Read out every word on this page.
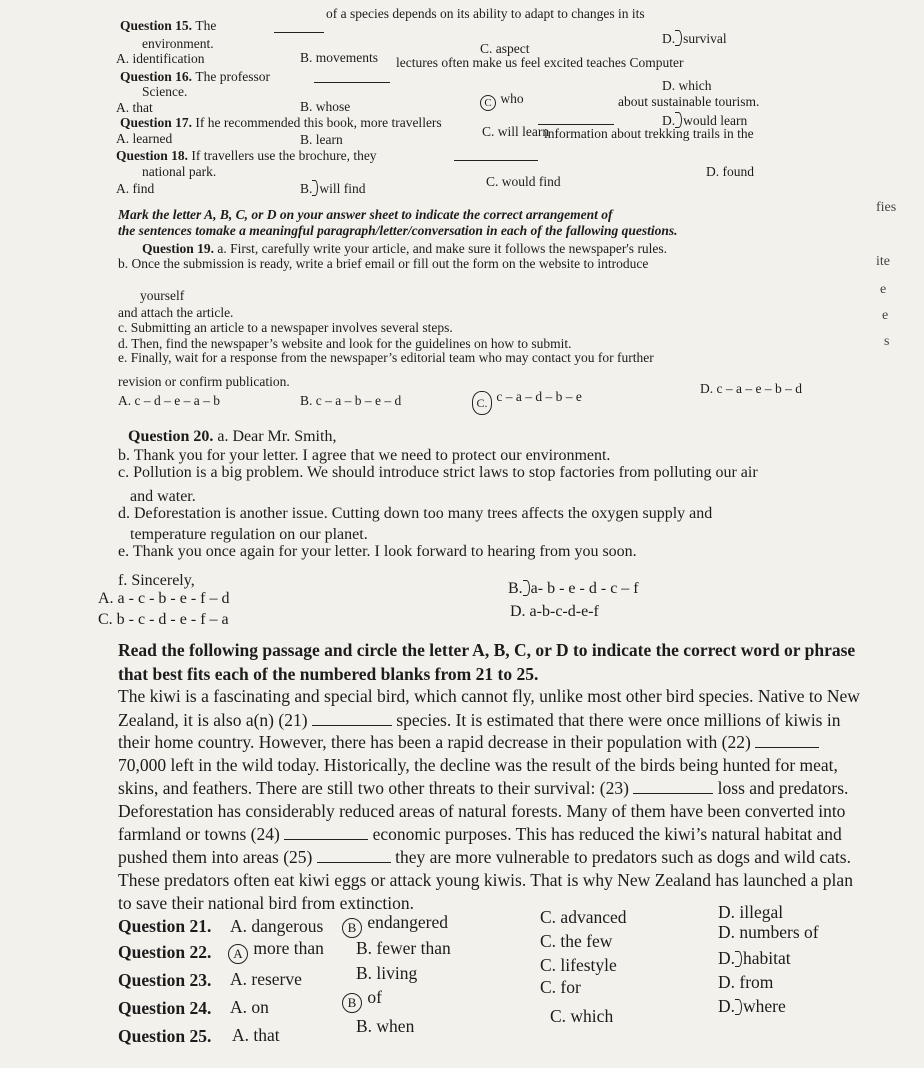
Question 15. The
of a species depends on its ability to adapt to changes in its
environment.
A. identification	B. movements
C. aspect
D. survival
Question 16. The professor
lectures often make us feel excited teaches Computer
Science.
A. that	B. whose	C who
D. which
Question 17. If he recommended this book, more travellers
about sustainable tourism.
A. learned	B. learn
C. will learn
D. would learn
Question 18. If travellers use the brochure, they
information about trekking trails in the
national park.
A. find	B. will find	C. would find
D. found
Mark the letter A, B, C, or D on your answer sheet to indicate the correct arrangement of
the sentences tomake a meaningful paragraph/letter/conversation in each of the fallowing questions.
Question 19. a. First, carefully write your article, and make sure it follows the newspaper's rules.
b. Once the submission is ready, write a brief email or fill out the form on the website to introduce
yourself
and attach the article.
c. Submitting an article to a newspaper involves several steps.
d. Then, find the newspaper’s website and look for the guidelines on how to submit.
e. Finally, wait for a response from the newspaper’s editorial team who may contact you for further
revision or confirm publication.
A. c – d – e – a – b	B. c – a – b – e – d	C. c – a – d – b – e
D. c – a – e – b – d
Question 20. a. Dear Mr. Smith,
b. Thank you for your letter. I agree that we need to protect our environment.
c. Pollution is a big problem. We should introduce strict laws to stop factories from polluting our air
and water.
d. Deforestation is another issue. Cutting down too many trees affects the oxygen supply and
temperature regulation on our planet.
e. Thank you once again for your letter. I look forward to hearing from you soon.
f. Sincerely,
A. a - c - b - e - f – d
B. a- b - e - d - c – f
C. b - c - d - e - f – a	D. a-b-c-d-e-f
Read the following passage and circle the letter A, B, C, or D to indicate the correct word or phrase
that best fits each of the numbered blanks from 21 to 25.
The kiwi is a fascinating and special bird, which cannot fly, unlike most other bird species. Native to New
Zealand, it is also a(n) (21)	species. It is estimated that there were once millions of kiwis in
their home country. However, there has been a rapid decrease in their population with (22)
70,000 left in the wild today. Historically, the decline was the result of the birds being hunted for meat,
skins, and feathers. There are still two other threats to their survival: (23)	loss and predators.
Deforestation has considerably reduced areas of natural forests. Many of them have been converted into
farmland or towns (24)	economic purposes. This has reduced the kiwi’s natural habitat and
pushed them into areas (25)	they are more vulnerable to predators such as dogs and wild cats.
These predators often eat kiwi eggs or attack young kiwis. That is why New Zealand has launched a plan
to save their national bird from extinction.
Question 21. A. dangerous	B endangered	C. advanced	D. illegal
Question 22.	A more than B. fewer than	C. the few	D. numbers of
Question 23. A. reserve	B. living	C. lifestyle	D. habitat
Question 24. A. on	B of	C. for	D. from
Question 25. A. that	B. when	C. which	D. where
fies
ite
e
e
s
